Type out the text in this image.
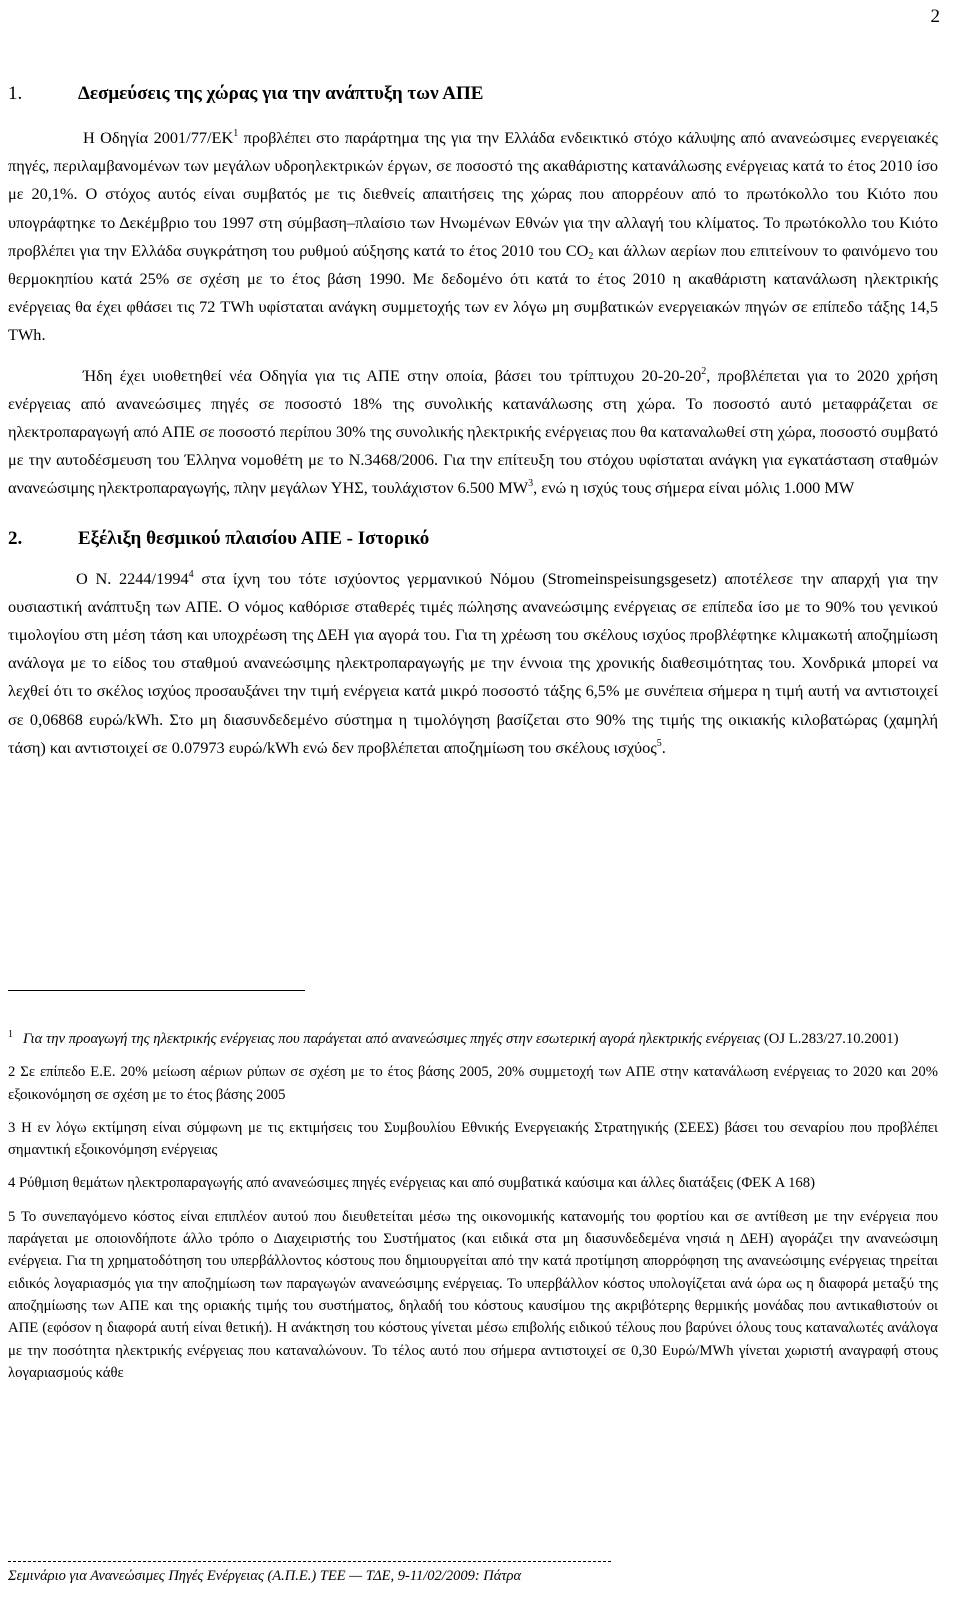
2
1.	Δεσμεύσεις της χώρας για την ανάπτυξη των ΑΠΕ

Η Οδηγία $2001/77/EK^1$ προβλέπει στο παράρτημα της για την Ελλάδα ενδεικτικό στόχο κάλυψης από ανανεώσιμες ενεργειακές πηγές, περιλαμβανομένων των μεγάλων υδροηλεκτρικών έργων, σε ποσοστό της ακαθάριστης κατανάλωσης ενέργειας κατά το έτος 2010 ίσο με 20,1%. Ο στόχος αυτός είναι συμβατός με τις διεθνείς απαιτήσεις της χώρας που απορρέουν από το πρωτόκολλο του Κιότο που υπογράφτηκε το Δεκέμβριο του 1997 στη σύμβαση–πλαίσιο των Ηνωμένων Εθνών για την αλλαγή του κλίματος. Το πρωτόκολλο του Κιότο προβλέπει για την Ελλάδα συγκράτηση του ρυθμού αύξησης κατά το έτος 2010 του $CO_2$ και άλλων αερίων που επιτείνουν το φαινόμενο του θερμοκηπίου κατά 25% σε σχέση με το έτος βάση 1990. Με δεδομένο ότι κατά το έτος 2010 η ακαθάριστη κατανάλωση ηλεκτρικής ενέργειας θα έχει φθάσει τις 72 TWh υφίσταται ανάγκη συμμετοχής των εν λόγω μη συμβατικών ενεργειακών πηγών σε επίπεδο τάξης 14,5 TWh.

Ήδη έχει υιοθετηθεί νέα Οδηγία για τις ΑΠΕ στην οποία, βάσει του τρίπτυχου $20-20-20^2$, προβλέπεται για το 2020 χρήση ενέργειας από ανανεώσιμες πηγές σε ποσοστό 18% της συνολικής κατανάλωσης στη χώρα. Το ποσοστό αυτό μεταφράζεται σε ηλεκτροπαραγωγή από ΑΠΕ σε ποσοστό περίπου 30% της συνολικής ηλεκτρικής ενέργειας που θα καταναλωθεί στη χώρα, ποσοστό συμβατό με την αυτοδέσμευση του Έλληνα νομοθέτη με το Ν.3468/2006. Για την επίτευξη του στόχου υφίσταται ανάγκη για εγκατάσταση σταθμών ανανεώσιμης ηλεκτροπαραγωγής, πλην μεγάλων ΥΗΣ, τουλάχιστον 6.500 $MW^3$, ενώ η ισχύς τους σήμερα είναι μόλις 1.000 MW

2.	Εξέλιξη θεσμικού πλαισίου ΑΠΕ - Ιστορικό

Ο Ν. 2244/1994$^4$ στα ίχνη του τότε ισχύοντος γερμανικού Νόμου (Stromeinspeisungsgesetz) αποτέλεσε την απαρχή για την ουσιαστική ανάπτυξη των ΑΠΕ. Ο νόμος καθόρισε σταθερές τιμές πώλησης ανανεώσιμης ενέργειας σε επίπεδα ίσο με το 90% του γενικού τιμολογίου στη μέση τάση και υποχρέωση της ΔΕΗ για αγορά του. Για τη χρέωση του σκέλους ισχύος προβλέφτηκε κλιμακωτή αποζημίωση ανάλογα με το είδος του σταθμού ανανεώσιμης ηλεκτροπαραγωγής με την έννοια της χρονικής διαθεσιμότητας του. Χονδρικά μπορεί να λεχθεί ότι το σκέλος ισχύος προσαυξάνει την τιμή ενέργεια κατά μικρό ποσοστό τάξης 6,5% με συνέπεια σήμερα η τιμή αυτή να αντιστοιχεί σε 0,06868 ευρώ/kWh. Στο μη διασυνδεδεμένο σύστημα η τιμολόγηση βασίζεται στο 90% της τιμής της οικιακής κιλοβατώρας (χαμηλή τάση) και αντιστοιχεί σε 0.07973 ευρώ/kWh ενώ δεν προβλέπεται αποζημίωση του σκέλους ισχύος$^5$.

$^1$ Για την προαγωγή της ηλεκτρικής ενέργειας που παράγεται από ανανεώσιμες πηγές στην εσωτερική αγορά ηλεκτρικής ενέργειας (OJ L.283/27.10.2001)

2 Σε επίπεδο Ε.Ε. 20% μείωση αέριων ρύπων σε σχέση με το έτος βάσης 2005, 20% συμμετοχή των ΑΠΕ στην κατανάλωση ενέργειας το 2020 και 20% εξοικονόμηση σε σχέση με το έτος βάσης 2005

3 Η εν λόγω εκτίμηση είναι σύμφωνη με τις εκτιμήσεις του Συμβουλίου Εθνικής Ενεργειακής Στρατηγικής (ΣΕΕΣ) βάσει του σεναρίου που προβλέπει σημαντική εξοικονόμηση ενέργειας

4 Ρύθμιση θεμάτων ηλεκτροπαραγωγής από ανανεώσιμες πηγές ενέργειας και από συμβατικά καύσιμα και άλλες διατάξεις (ΦΕΚ Α 168)

5 Το συνεπαγόμενο κόστος είναι επιπλέον αυτού που διευθετείται μέσω της οικονομικής κατανομής του φορτίου και σε αντίθεση με την ενέργεια που παράγεται με οποιονδήποτε άλλο τρόπο ο Διαχειριστής του Συστήματος (και ειδικά στα μη διασυνδεδεμένα νησιά η ΔΕΗ) αγοράζει την ανανεώσιμη ενέργεια. Για τη χρηματοδότηση του υπερβάλλοντος κόστους που δημιουργείται από την κατά προτίμηση απορρόφηση της ανανεώσιμης ενέργειας τηρείται ειδικός λογαριασμός για την αποζημίωση των παραγωγών ανανεώσιμης ενέργειας. Το υπερβάλλον κόστος υπολογίζεται ανά ώρα ως η διαφορά μεταξύ της αποζημίωσης των ΑΠΕ και της οριακής τιμής του συστήματος, δηλαδή του κόστους καυσίμου της ακριβότερης θερμικής μονάδας που αντικαθιστούν οι ΑΠΕ (εφόσον η διαφορά αυτή είναι θετική). Η ανάκτηση του κόστους γίνεται μέσω επιβολής ειδικού τέλους που βαρύνει όλους τους καταναλωτές ανάλογα με την ποσότητα ηλεκτρικής ενέργειας που καταναλώνουν. Το τέλος αυτό που σήμερα αντιστοιχεί σε 0,30 Ευρώ/MWh γίνεται χωριστή αναγραφή στους λογαριασμούς κάθε

Σεμινάριο για Ανανεώσιμες Πηγές Ενέργειας (Α.Π.Ε.) ΤΕΕ — ΤΔΕ, 9-11/02/2009: Πάτρα
